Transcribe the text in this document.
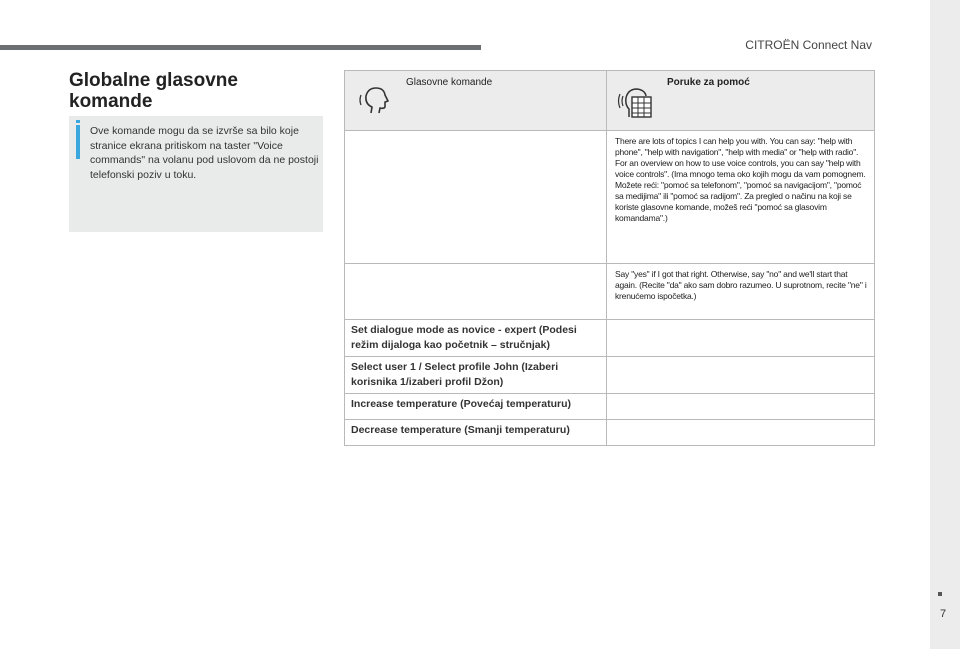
CITROËN Connect Nav
7
Globalne glasovne
komande
Ove komande mogu da se izvrše sa bilo koje stranice ekrana pritiskom na taster "Voice commands" na volanu pod uslovom da ne postoji telefonski poziv u toku.
Glasovne komande	Poruke za pomoć

	There are lots of topics I can help you with. You can say: "help with phone", "help with navigation", "help with media" or "help with radio". For an overview on how to use voice controls, you can say "help with voice controls". (Ima mnogo tema oko kojih mogu da vam pomognem. Možete reći: "pomoć sa telefonom", "pomoć sa navigacijom", "pomoć sa medijima" ili "pomoć sa radijom". Za pregled o načinu na koji se koriste glasovne komande, možeš reći "pomoć sa glasovim komandama".)
	Say "yes" if I got that right. Otherwise, say "no" and we'll start that again. (Recite "da" ako sam dobro razumeo. U suprotnom, recite "ne" i krenućemo ispočetka.)
Set dialogue mode as novice - expert (Podesi režim dijaloga kao početnik – stručnjak)	
Select user 1 / Select profile John (Izaberi korisnika 1/izaberi profil Džon)	
Increase temperature (Povećaj temperaturu)	
Decrease temperature (Smanji temperaturu)	
